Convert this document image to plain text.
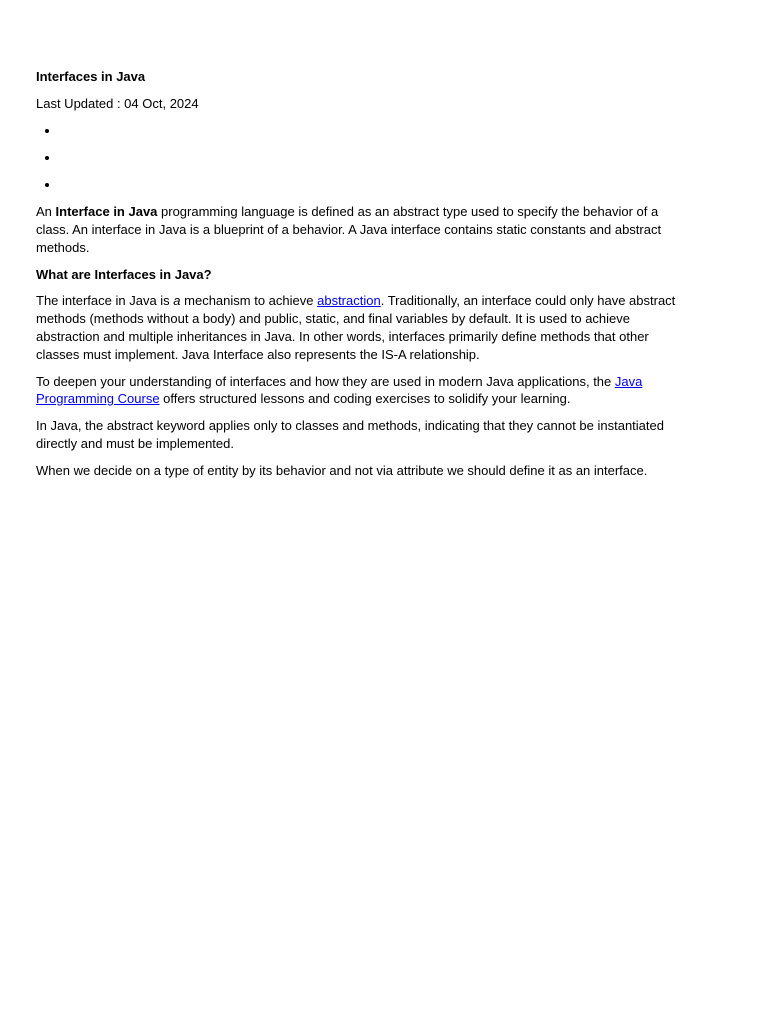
Interfaces in Java
Last Updated : 04 Oct, 2024
•
•
•

An Interface in Java programming language is defined as an abstract type used to specify the behavior of a class. An interface in Java is a blueprint of a behavior. A Java interface contains static constants and abstract methods.

What are Interfaces in Java?

The interface in Java is a mechanism to achieve abstraction. Traditionally, an interface could only have abstract methods (methods without a body) and public, static, and final variables by default. It is used to achieve abstraction and multiple inheritances in Java. In other words, interfaces primarily define methods that other classes must implement. Java Interface also represents the IS-A relationship.

To deepen your understanding of interfaces and how they are used in modern Java applications, the Java Programming Course offers structured lessons and coding exercises to solidify your learning.

In Java, the abstract keyword applies only to classes and methods, indicating that they cannot be instantiated directly and must be implemented.

When we decide on a type of entity by its behavior and not via attribute we should define it as an interface.
